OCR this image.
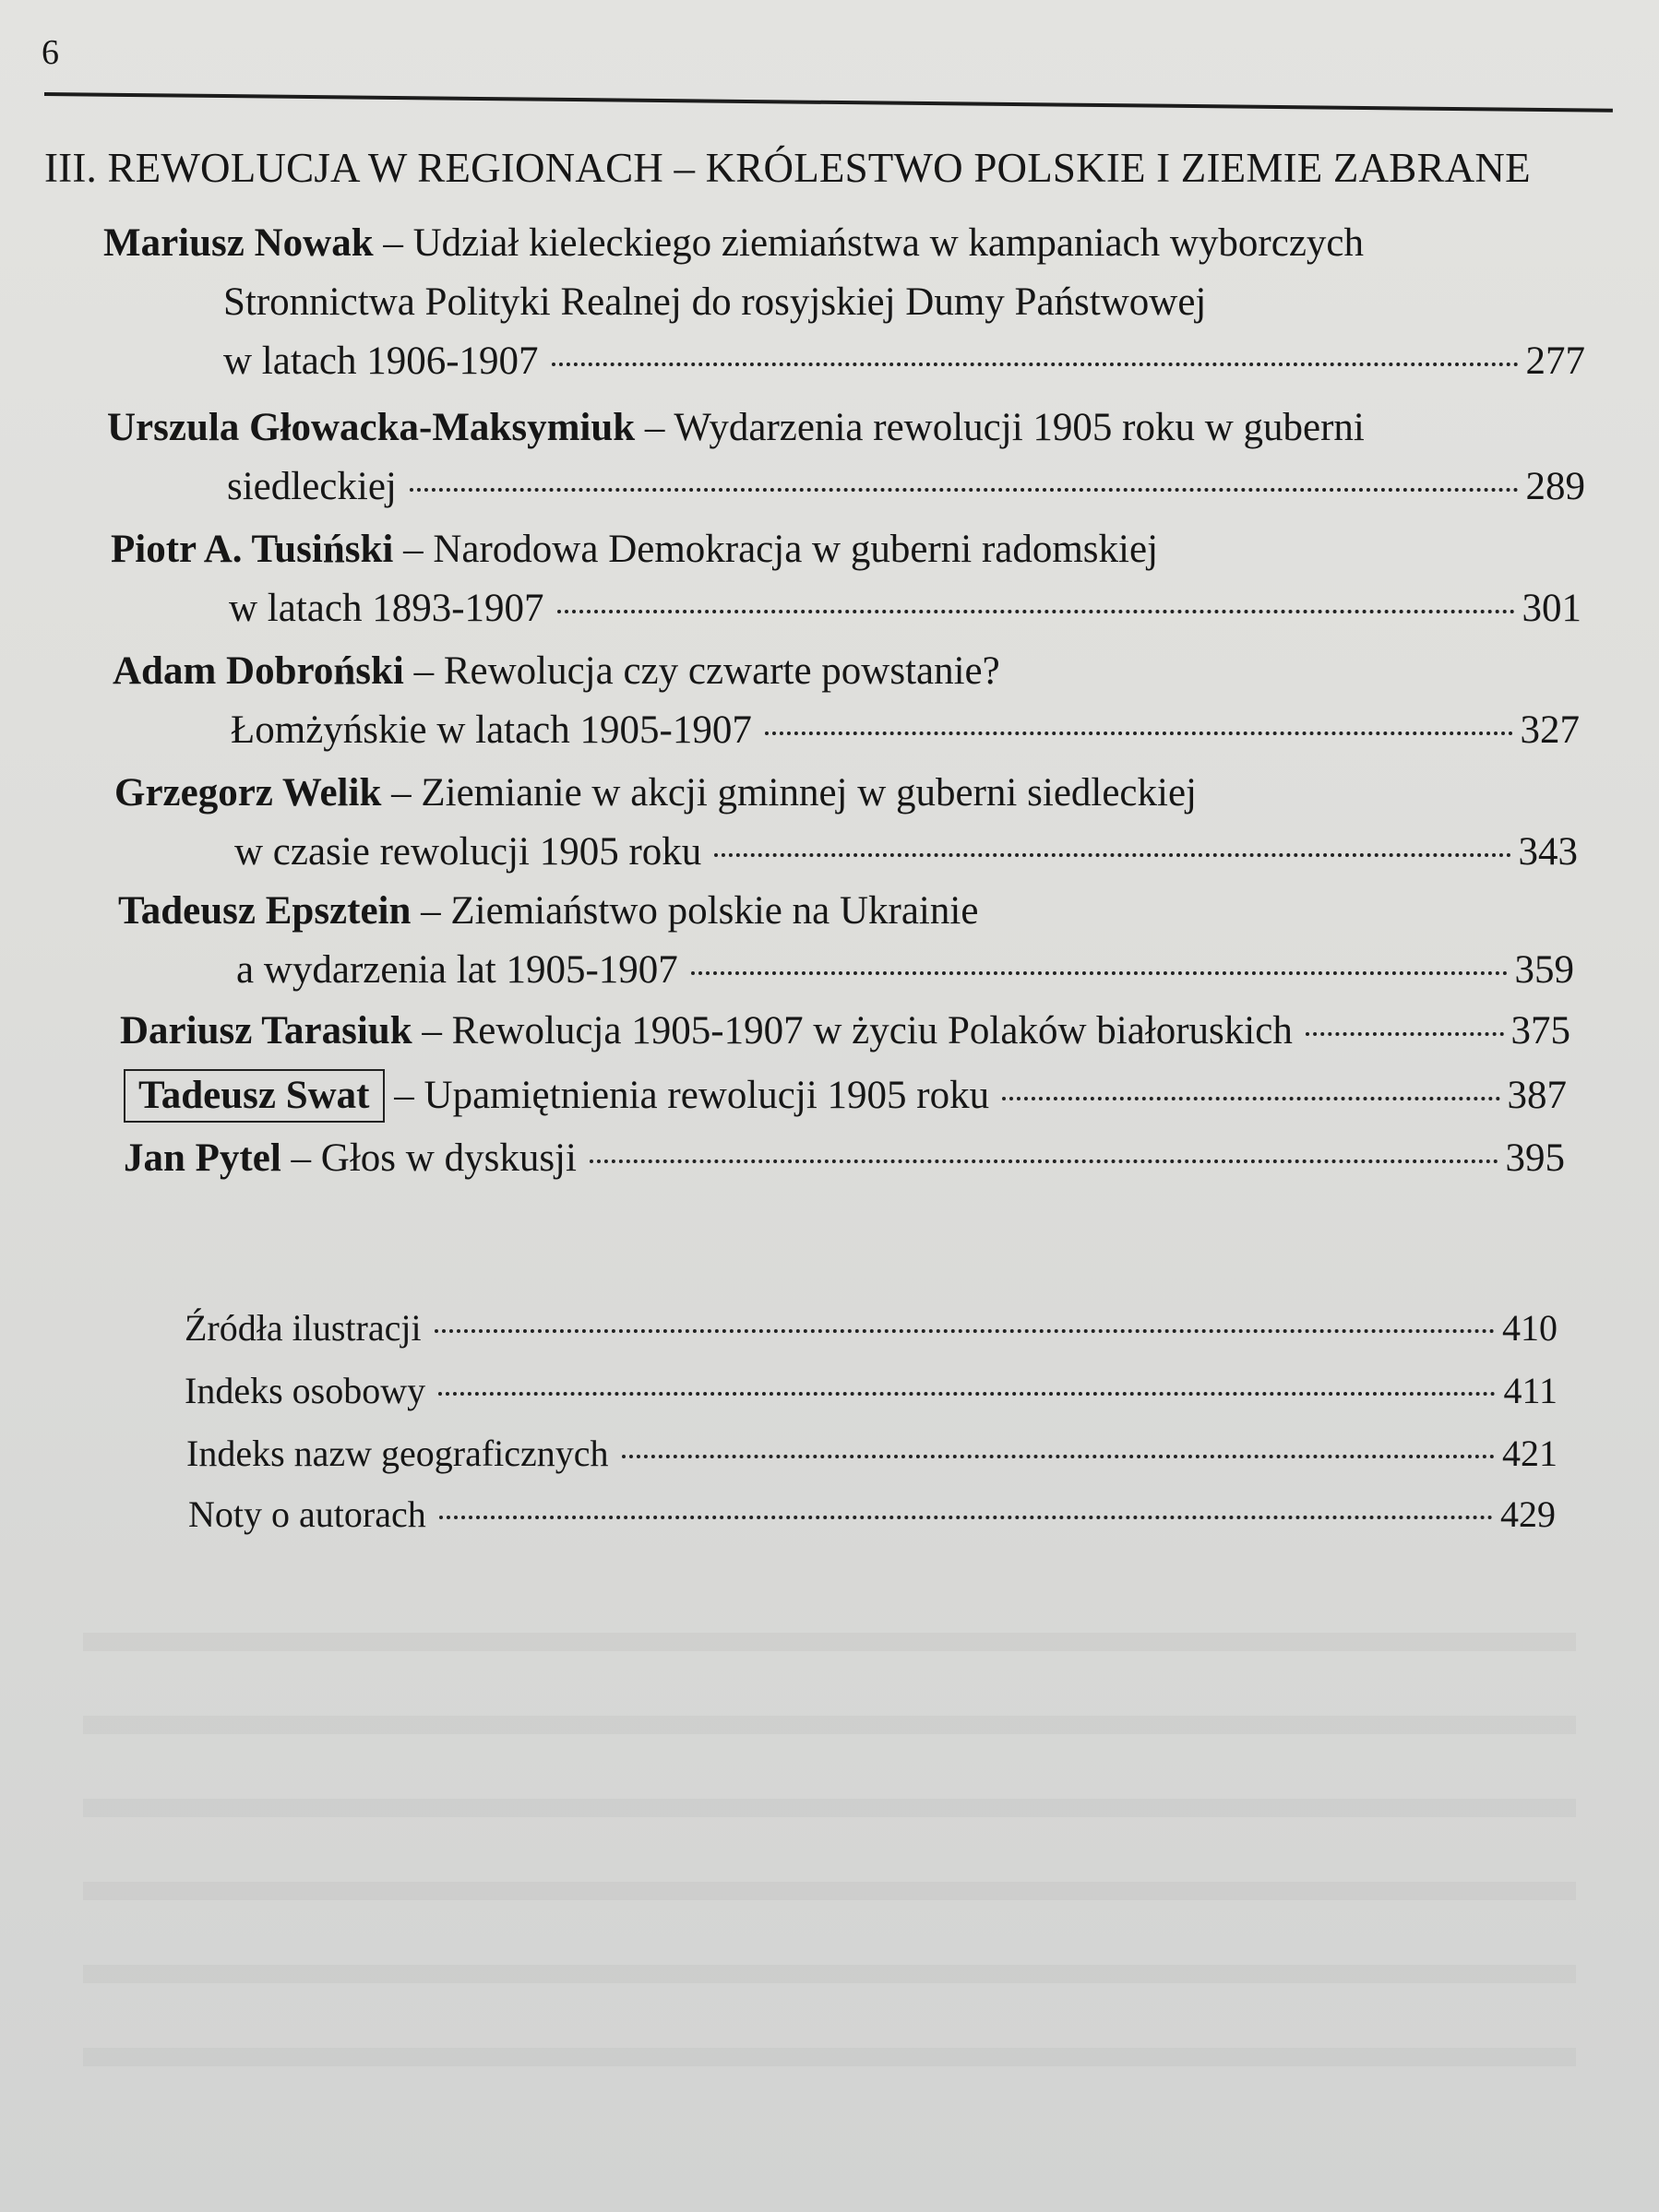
6
III. REWOLUCJA W REGIONACH – KRÓLESTWO POLSKIE I ZIEMIE ZABRANE
Mariusz Nowak – Udział kieleckiego ziemiaństwa w kampaniach wyborczych
Stronnictwa Polityki Realnej do rosyjskiej Dumy Państwowej
w latach 1906-1907	277
Urszula Głowacka-Maksymiuk – Wydarzenia rewolucji 1905 roku w guberni
siedleckiej	289
Piotr A. Tusiński – Narodowa Demokracja w guberni radomskiej
w latach 1893-1907	301
Adam Dobroński – Rewolucja czy czwarte powstanie?
Łomżyńskie w latach 1905-1907	327
Grzegorz Welik – Ziemianie w akcji gminnej w guberni siedleckiej
w czasie rewolucji 1905 roku	343
Tadeusz Epsztein – Ziemiaństwo polskie na Ukrainie
a wydarzenia lat 1905-1907	359
Dariusz Tarasiuk – Rewolucja 1905-1907 w życiu Polaków białoruskich	375
Tadeusz Swat – Upamiętnienia rewolucji 1905 roku	387
Jan Pytel – Głos w dyskusji	395
Źródła ilustracji	410
Indeks osobowy	411
Indeks nazw geograficznych	421
Noty o autorach	429
